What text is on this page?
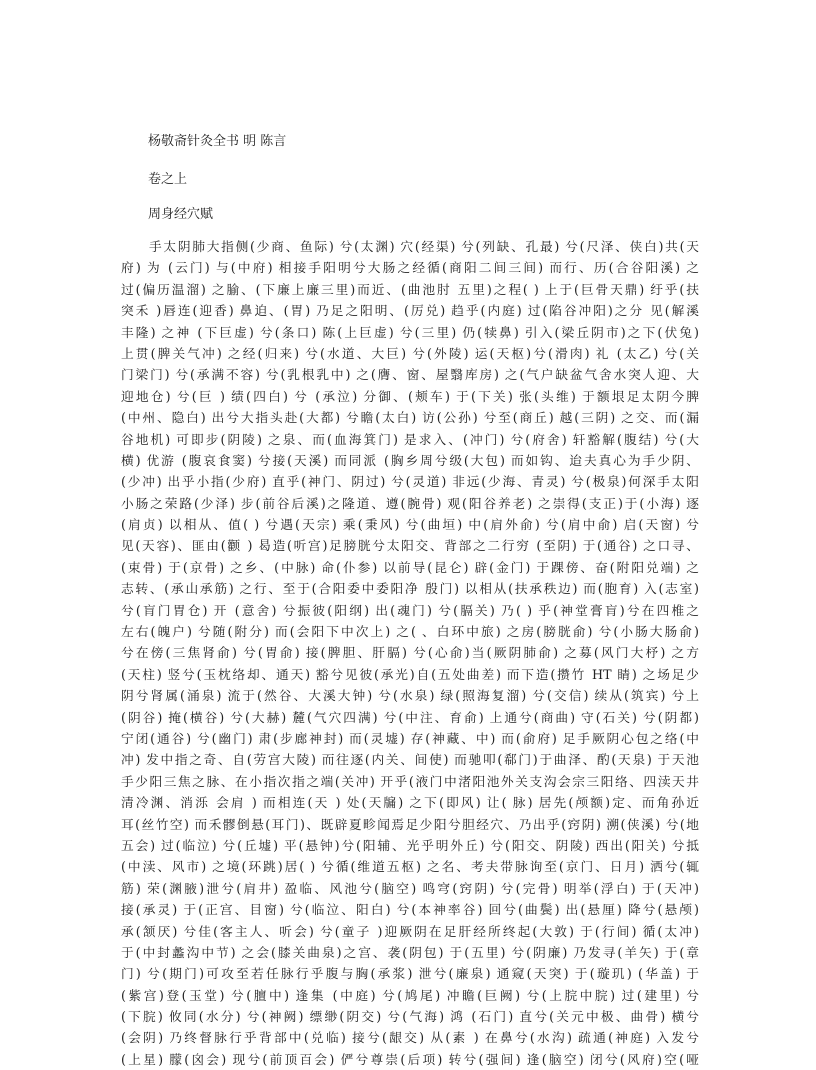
杨敬斋针灸全书 明 陈言
卷之上
周身经穴赋
手太阴肺大指侧(少商、鱼际) 兮(太渊) 穴(经渠) 兮(列缺、孔最) 兮(尺泽、侠白)共(天
府) 为 (云门) 与(中府) 相接手阳明兮大肠之经循(商阳二间三间) 而行、历(合谷阳溪) 之
过(偏历温溜) 之腧、(下廉上廉三里)而近、(曲池肘 五里)之程( ) 上于(巨骨天鼎) 纡乎(扶
突禾 )唇连(迎香) 鼻迫、(胃) 乃足之阳明、(厉兑) 趋乎(内庭) 过(陷谷冲阳)之分 见(解溪
丰隆) 之神 (下巨虚) 兮(条口) 陈(上巨虚) 兮(三里) 仍(犊鼻) 引入(梁丘阴市)之下(伏兔)
上贯(脾关气冲) 之经(归来) 兮(水道、大巨) 兮(外陵) 运(天枢)兮(滑肉) 礼 (太乙) 兮(关
门梁门) 兮(承满不容) 兮(乳根乳中) 之(膺、窗、屋翳库房) 之(气户缺盆气舍水突人迎、大
迎地仓) 兮(巨 ) 绩(四白) 兮 (承泣) 分御、(颊车) 于(下关) 张(头维) 于额垠足太阴今脾
(中州、隐白) 出兮大指头赴(大都) 兮瞻(太白) 访(公孙) 兮至(商丘) 越(三阴) 之交、而(漏
谷地机) 可即步(阴陵) 之泉、而(血海箕门) 是求入、(冲门) 兮(府舍) 轩豁解(腹结) 兮(大
横) 优游 (腹哀食窦) 兮接(天溪) 而同派 (胸乡周兮级(大包) 而如钩、迨夫真心为手少阴、
(少冲) 出乎小指(少府) 直乎(神门、阴过) 兮(灵道) 非远(少海、青灵) 兮(极泉)何深手太阳
小肠之荣路(少泽) 步(前谷后溪)之隆道、遵(腕骨) 观(阳谷养老) 之崇得(支正)于(小海) 逐
(肩贞) 以相从、值( ) 兮遇(天宗) 乘(秉风) 兮(曲垣) 中(肩外俞) 兮(肩中俞) 启(天窗) 兮
见(天容)、匪由(颧 ) 曷造(听宫)足膀胱兮太阳交、背部之二行穷 (至阴) 于(通谷) 之口寻、
(束骨) 于(京骨) 之乡、(中脉) 命(仆参) 以前导(昆仑) 辟(金门) 于踝傍、奋(附阳兑端) 之
志转、(承山承筋) 之行、至于(合阳委中委阳净 殷门) 以相从(扶承秩边) 而(胞育) 入(志室)
兮(肓门胃仓) 开 (意舍) 兮振彼(阳纲) 出(魂门) 兮(膈关) 乃( ) 乎(神堂膏肓)兮在四椎之
左右(魄户) 兮随(附分) 而(会阳下中次上) 之( 、白环中旅) 之房(膀胱俞) 兮(小肠大肠俞)
兮在傍(三焦肾俞) 兮(胃俞) 接(脾胆、肝膈) 兮(心俞)当(厥阴肺俞) 之募(风门大杼) 之方
(天柱) 竖兮(玉枕络却、通天) 豁兮见彼(承光)自(五处曲差) 而下造(攒竹 HT 睛) 之场足少
阴兮肾属(涌泉) 流于(然谷、大溪大钟) 兮(水泉) 绿(照海复溜) 兮(交信) 续从(筑宾) 兮上
(阴谷) 掩(横谷) 兮(大赫) 麓(气穴四满) 兮(中注、育俞) 上通兮(商曲) 守(石关) 兮(阴都)
宁闭(通谷) 兮(幽门) 肃(步廊神封) 而(灵墟) 存(神藏、中) 而(俞府) 足手厥阴心包之络(中
冲) 发中指之奇、自(劳宫大陵) 而往逐(内关、间使) 而驰叩(郗门)于曲泽、酌(天泉) 于天池
手少阳三焦之脉、在小指次指之端(关冲) 开乎(液门中渚阳池外关支沟会宗三阳络、四渎天井
清冷渊、消泺 会肩 ) 而相连(天 ) 处(天牖) 之下(即风) 让( 脉) 居先(颅额)定、而角孙近
耳(丝竹空) 而禾髎倒悬(耳门)、既辟夏畛闻焉足少阳兮胆经穴、乃出乎(窍阴) 溯(侠溪) 兮(地
五会) 过(临泣) 兮(丘墟) 平(悬钟)兮(阳辅、光乎明外丘) 兮(阳交、阴陵) 西出(阳关) 兮抵
(中渎、风市) 之境(环跳)居( ) 兮循(维道五枢) 之名、考夫带脉询至(京门、日月) 洒兮(辄
筋) 荣(渊腋)泄兮(肩井) 盈临、风池兮(脑空) 鸣穹(窍阴) 兮(完骨) 明举(浮白) 于(天冲)
接(承灵) 于(正宫、目窗) 兮(临泣、阳白) 兮(本神率谷) 回兮(曲鬓) 出(悬厘) 降兮(悬颅)
承(颔厌) 兮佳(客主人、听会) 兮(童子 )迎厥阴在足肝经所终起(大敦) 于(行间) 循(太冲)
于(中封蠡沟中节) 之会(膝关曲泉)之宫、袭(阴包) 于(五里) 兮(阴廉) 乃发寻(羊矢) 于(章
门) 兮(期门)可攻至若任脉行乎腹与胸(承浆) 泄兮(廉泉) 通窥(天突) 于(璇玑) (华盖) 于
(紫宫)登(玉堂) 兮(膻中) 逢集 (中庭) 兮(鸠尾) 冲瞻(巨阙) 兮(上脘中脘) 过(建里) 兮
(下脘) 攸同(水分) 兮(神阙) 缥缈(阴交) 兮(气海) 鸿 (石门) 直兮(关元中极、曲骨) 横兮
(会阴) 乃终督脉行乎背部中(兑临) 接兮(龈交) 从(素 ) 在鼻兮(水沟) 疏通(神庭) 入发兮
(上星) 朦(囟会) 现兮(前顶百会) 俨兮尊崇(后项) 转兮(强间) 逢(脑空) 闭兮(风府)空(哑
